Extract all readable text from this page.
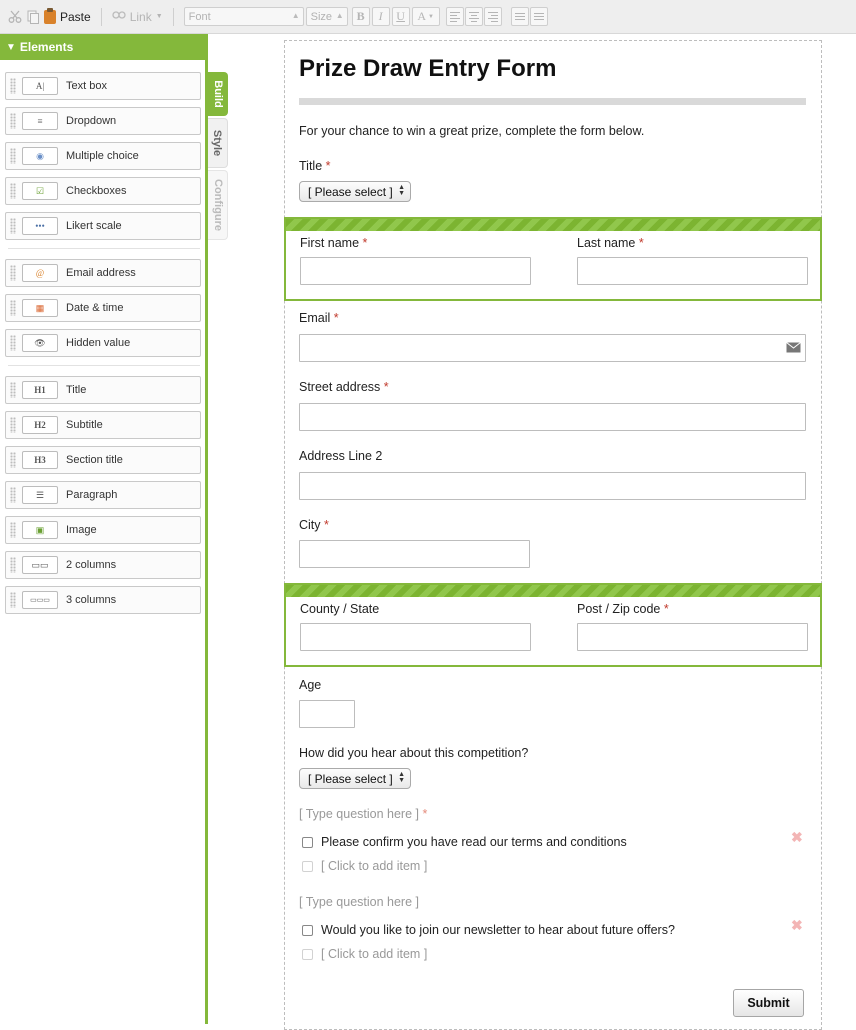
Paste	Link ▼ Font	▲ Size ▲	B	I	U	A ▼
▼ Elements
A|	Text box
≡	Dropdown
◉	Multiple choice
☑	Checkboxes
•••	Likert scale
@	Email address
▦	Date & time
👁	Hidden value
H1	Title
H2	Subtitle
H3	Section title
☰	Paragraph
▣	Image
▭▭	2 columns
▭▭▭	3 columns
Build
Style
Configure
Prize Draw Entry Form
For your chance to win a great prize, complete the form below.
Title *
[ Please select ] ▲
▼
First name *	Last name *
Email *
Street address *
Address Line 2
City *
County / State	Post / Zip code *
Age
How did you hear about this competition?
[ Please select ] ▲
▼
[ Type question here ] *
Please confirm you have read our terms and conditions	✖
[ Click to add item ]
[ Type question here ]
Would you like to join our newsletter to hear about future offers?	✖
[ Click to add item ]
Submit
